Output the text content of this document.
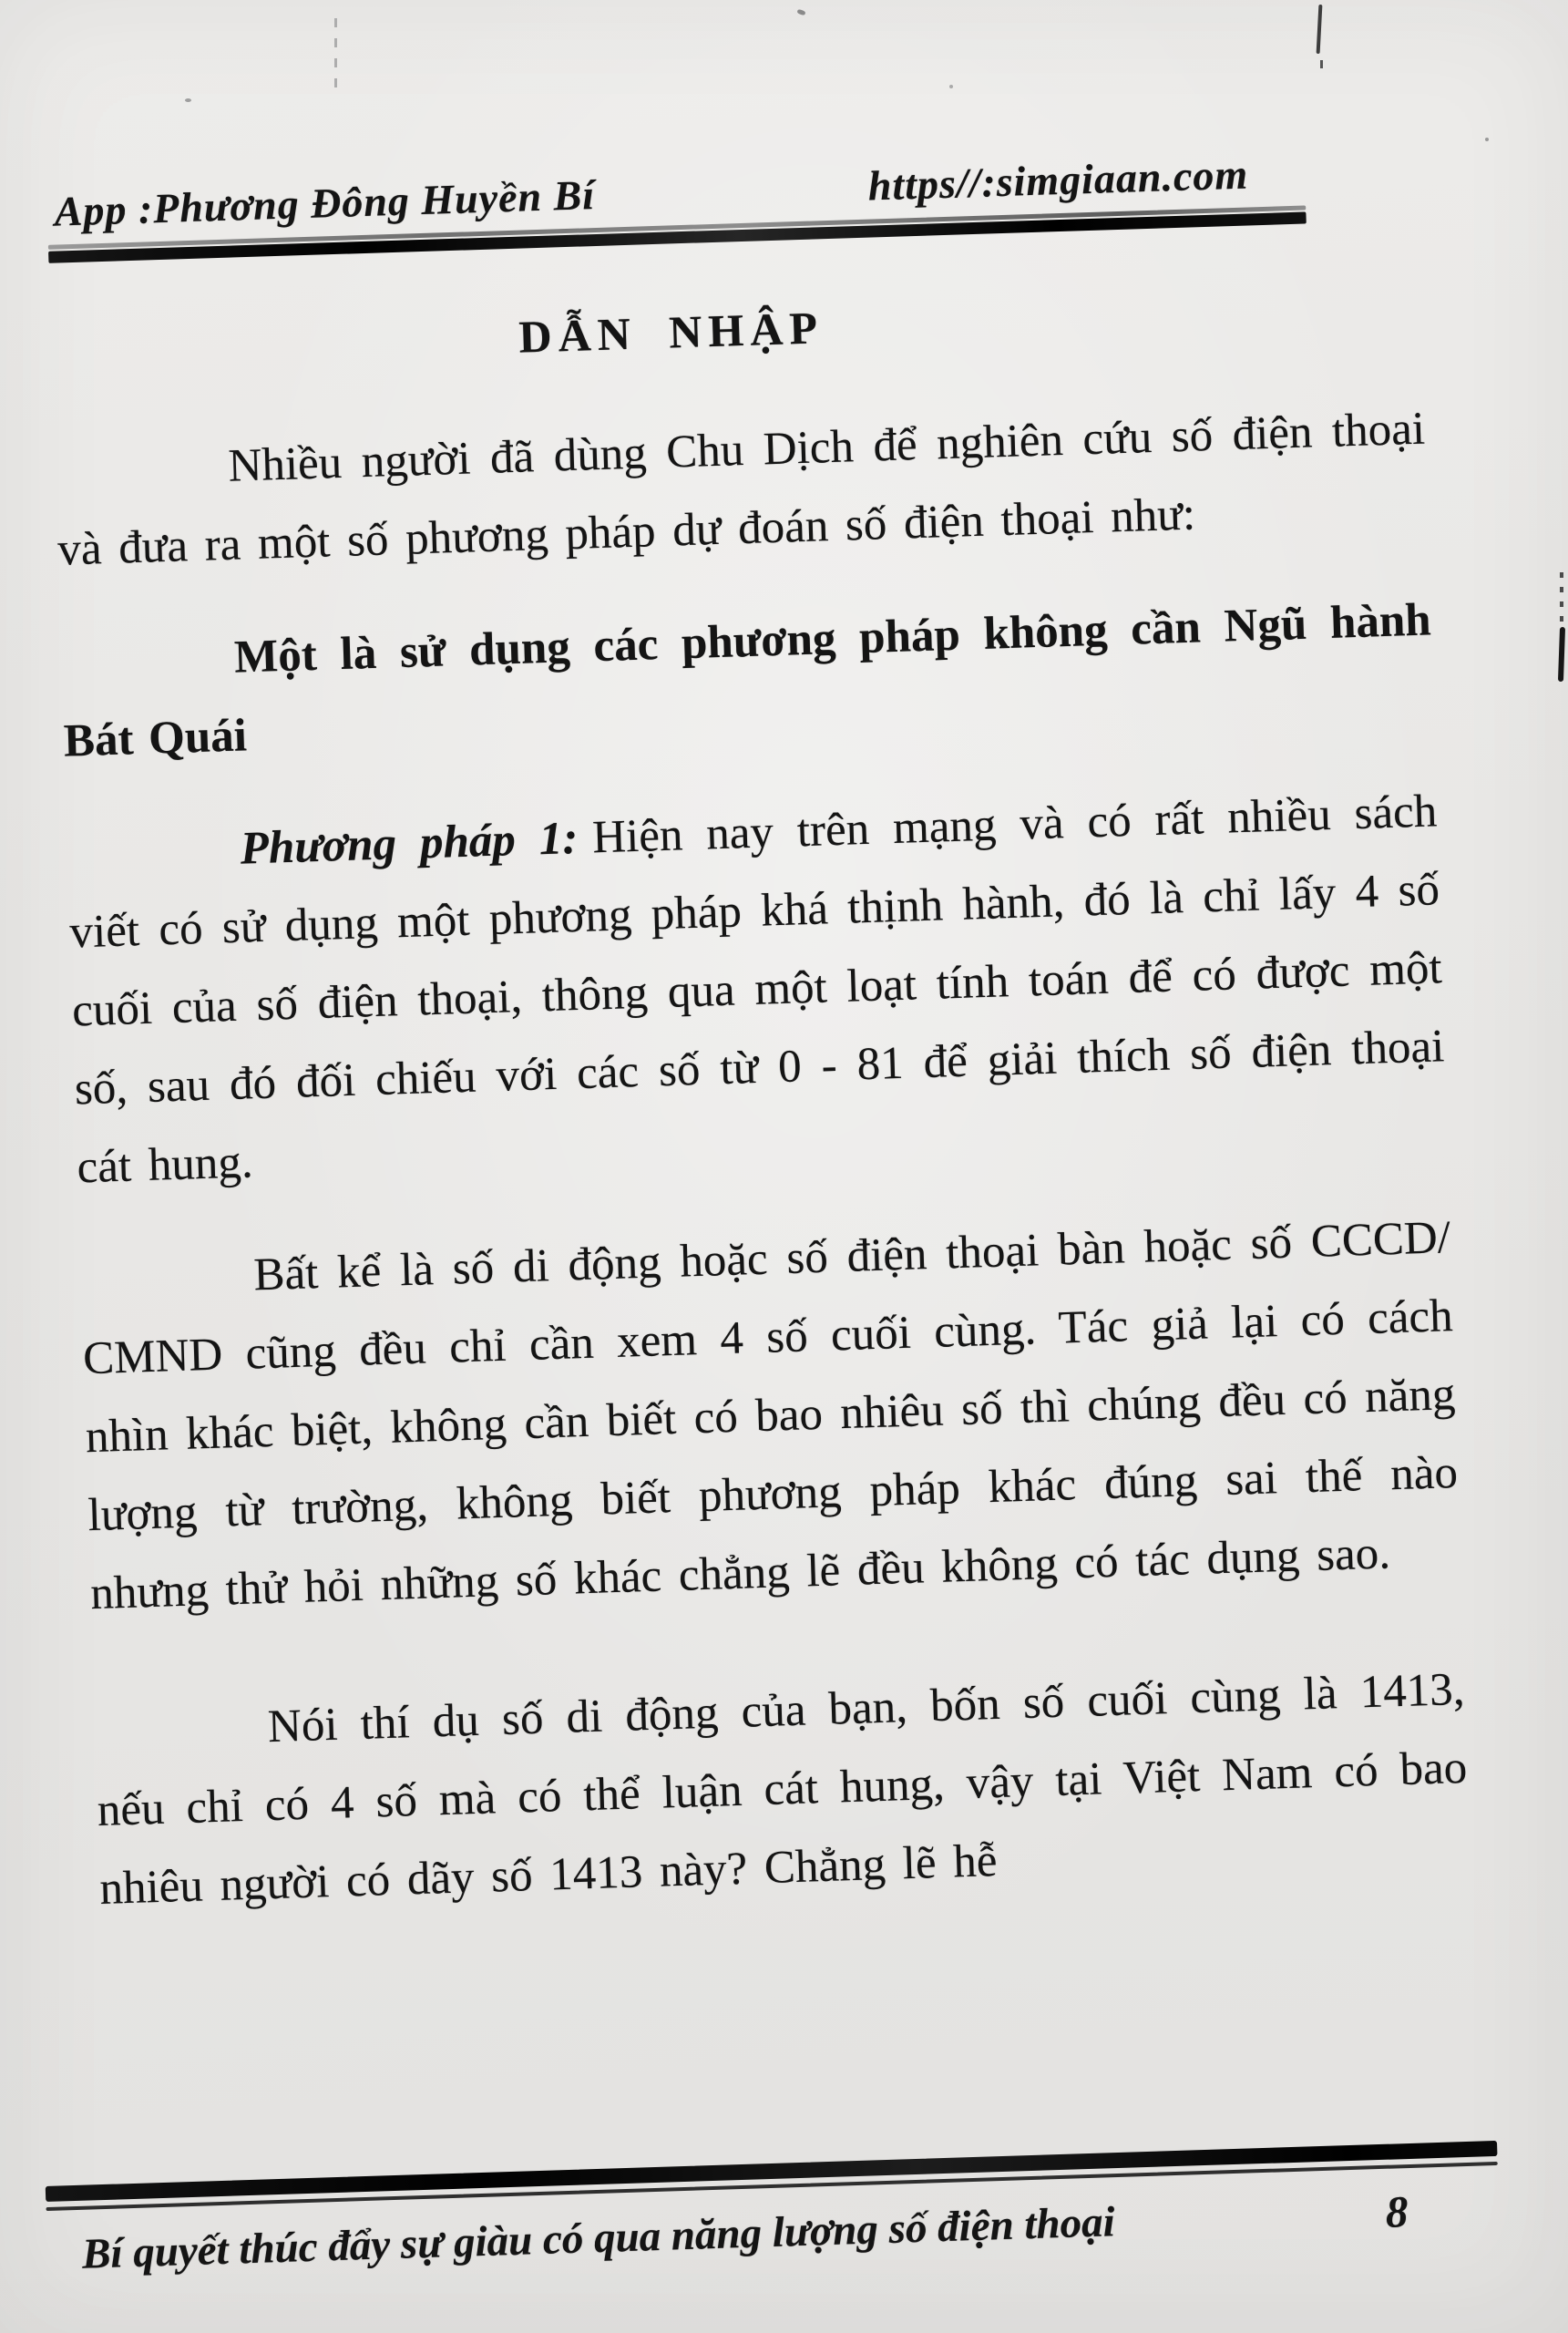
App :Phương Đông Huyền Bí	https//:simgiaan.com
DẪN NHẬP

Nhiều người đã dùng Chu Dịch để nghiên cứu số điện thoại và đưa ra một số phương pháp dự đoán số điện thoại như:

Một là sử dụng các phương pháp không cần Ngũ hành Bát Quái

Phương pháp 1: Hiện nay trên mạng và có rất nhiều sách viết có sử dụng một phương pháp khá thịnh hành, đó là chỉ lấy 4 số cuối của số điện thoại, thông qua một loạt tính toán để có được một số, sau đó đối chiếu với các số từ 0 - 81 để giải thích số điện thoại cát hung.

Bất kể là số di động hoặc số điện thoại bàn hoặc số CCCD/ CMND cũng đều chỉ cần xem 4 số cuối cùng. Tác giả lại có cách nhìn khác biệt, không cần biết có bao nhiêu số thì chúng đều có năng lượng từ trường, không biết phương pháp khác đúng sai thế nào nhưng thử hỏi những số khác chẳng lẽ đều không có tác dụng sao.

Nói thí dụ số di động của bạn, bốn số cuối cùng là 1413, nếu chỉ có 4 số mà có thể luận cát hung, vậy tại Việt Nam có bao nhiêu người có dãy số 1413 này? Chẳng lẽ hễ

Bí quyết thúc đẩy sự giàu có qua năng lượng số điện thoại	8
